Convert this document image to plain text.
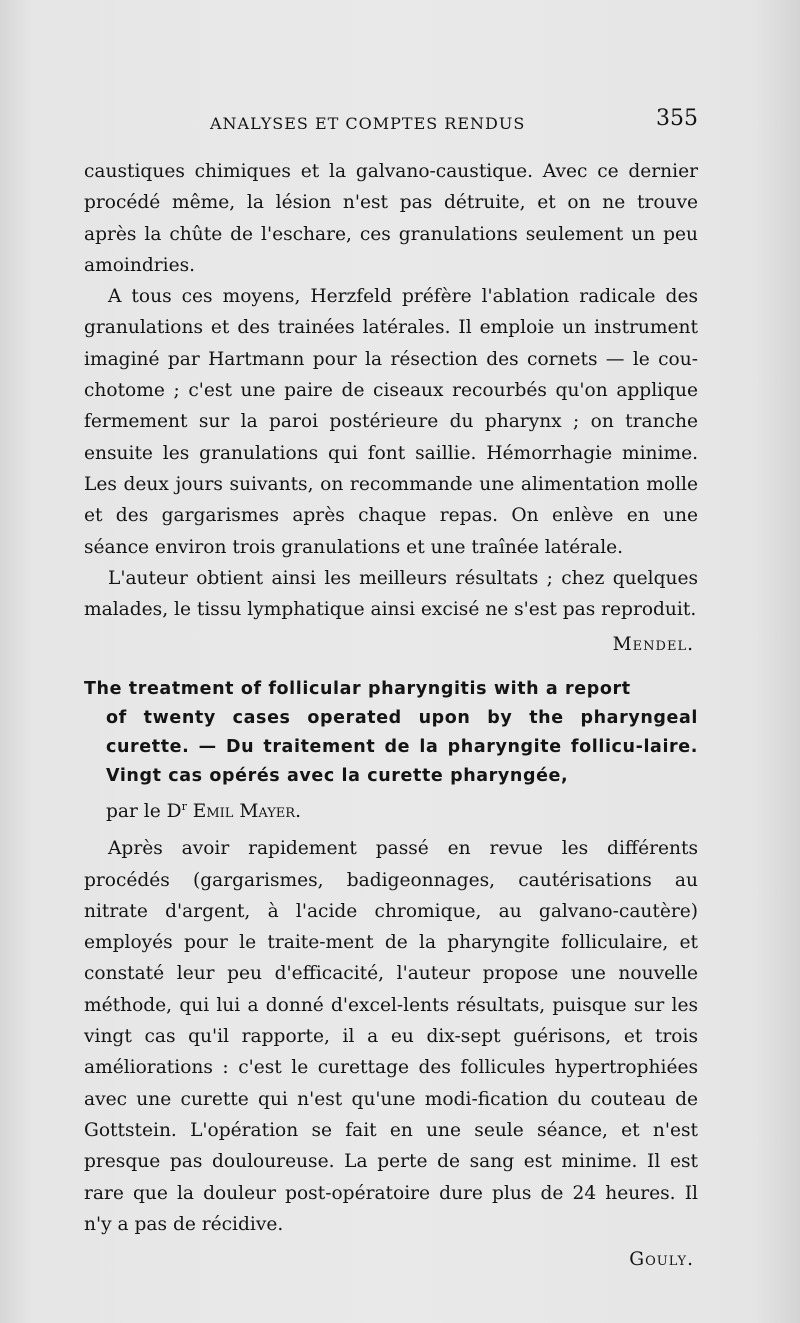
ANALYSES ET COMPTES RENDUS	355

caustiques chimiques et la galvano-caustique. Avec ce dernier procédé même, la lésion n'est pas détruite, et on ne trouve après la chûte de l'eschare, ces granulations seulement un peu amoindries.

A tous ces moyens, Herzfeld préfère l'ablation radicale des granulations et des trainées latérales. Il emploie un instrument imaginé par Hartmann pour la résection des cornets — le cou-chotome ; c'est une paire de ciseaux recourbés qu'on applique fermement sur la paroi postérieure du pharynx ; on tranche ensuite les granulations qui font saillie. Hémorrhagie minime. Les deux jours suivants, on recommande une alimentation molle et des gargarismes après chaque repas. On enlève en une séance environ trois granulations et une traînée latérale.

L'auteur obtient ainsi les meilleurs résultats ; chez quelques malades, le tissu lymphatique ainsi excisé ne s'est pas reproduit.

Mendel.

The treatment of follicular pharyngitis with a report
of twenty cases operated upon by the pharyngeal curette. — Du traitement de la pharyngite follicu-laire. Vingt cas opérés avec la curette pharyngée,

par le $D^r$ Emil Mayer.

Après avoir rapidement passé en revue les différents procédés (gargarismes, badigeonnages, cautérisations au nitrate d'argent, à l'acide chromique, au galvano-cautère) employés pour le traite-ment de la pharyngite folliculaire, et constaté leur peu d'efficacité, l'auteur propose une nouvelle méthode, qui lui a donné d'excel-lents résultats, puisque sur les vingt cas qu'il rapporte, il a eu dix-sept guérisons, et trois améliorations : c'est le curettage des follicules hypertrophiées avec une curette qui n'est qu'une modi-fication du couteau de Gottstein. L'opération se fait en une seule séance, et n'est presque pas douloureuse. La perte de sang est minime. Il est rare que la douleur post-opératoire dure plus de 24 heures. Il n'y a pas de récidive.

Gouly.
